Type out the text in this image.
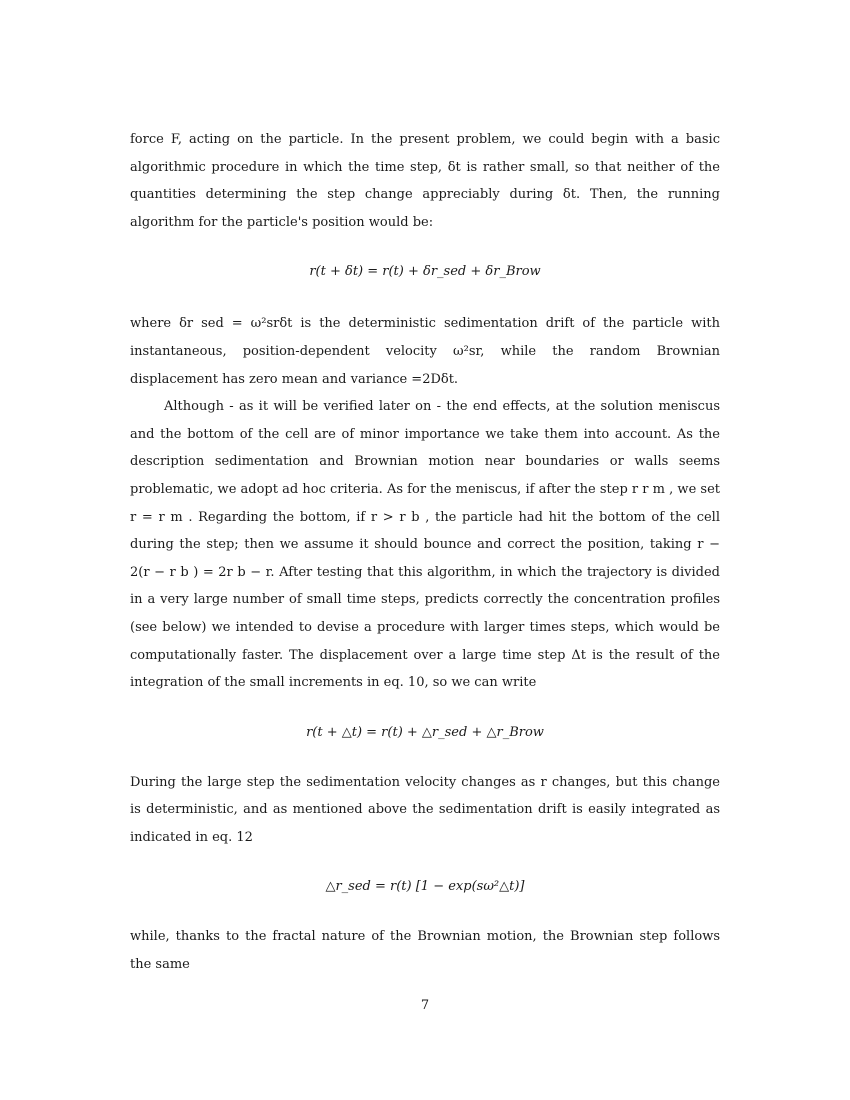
force F, acting on the particle. In the present problem, we could begin with a basic algorithmic procedure in which the time step, δt is rather small, so that neither of the quantities determining the step change appreciably during δt. Then, the running algorithm for the particle's position would be:

r(t + δt) = r(t) + δr_sed + δr_Brow

where δr sed = ω²srδt is the deterministic sedimentation drift of the particle with instantaneous, position-dependent velocity ω²sr, while the random Brownian displacement has zero mean and variance =2Dδt.

Although - as it will be verified later on - the end effects, at the solution meniscus and the bottom of the cell are of minor importance we take them into account. As the description sedimentation and Brownian motion near boundaries or walls seems problematic, we adopt ad hoc criteria. As for the meniscus, if after the step r r m , we set r = r m . Regarding the bottom, if r > r b , the particle had hit the bottom of the cell during the step; then we assume it should bounce and correct the position, taking r − 2(r − r b ) = 2r b − r. After testing that this algorithm, in which the trajectory is divided in a very large number of small time steps, predicts correctly the concentration profiles (see below) we intended to devise a procedure with larger times steps, which would be computationally faster. The displacement over a large time step Δt is the result of the integration of the small increments in eq. 10, so we can write

r(t + △t) = r(t) + △r_sed + △r_Brow

During the large step the sedimentation velocity changes as r changes, but this change is deterministic, and as mentioned above the sedimentation drift is easily integrated as indicated in eq. 12

△r_sed = r(t) [1 − exp(sω²△t)]

while, thanks to the fractal nature of the Brownian motion, the Brownian step follows the same

7
